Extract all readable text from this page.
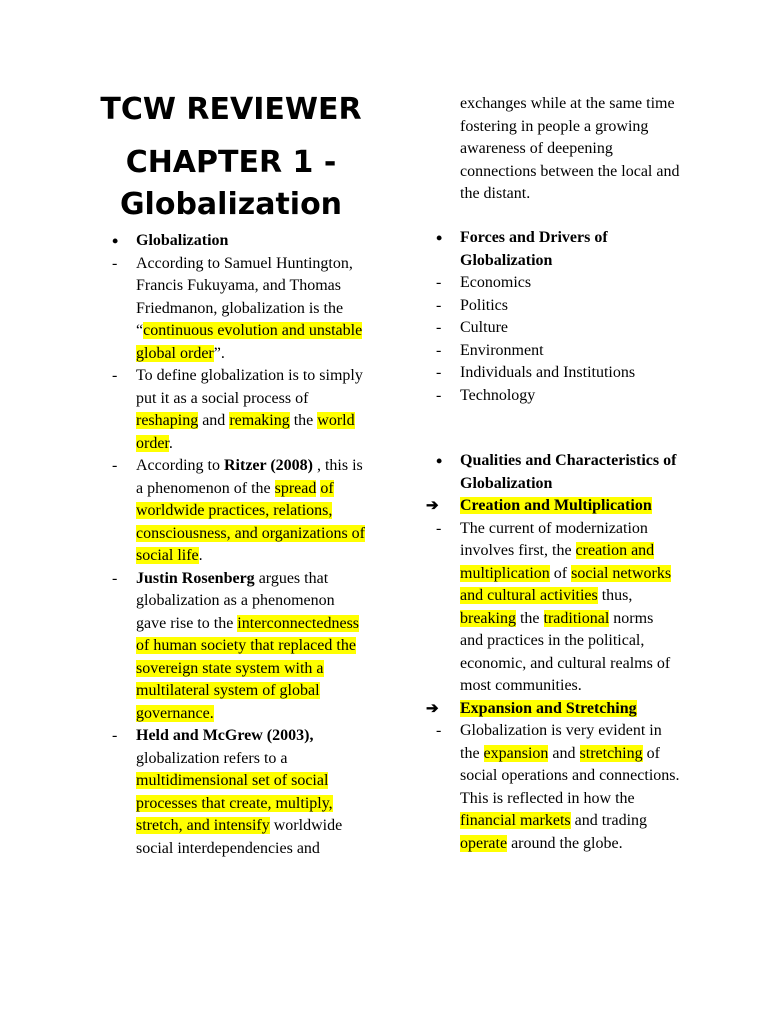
TCW REVIEWER
CHAPTER 1 -
Globalization
•	Globalization
-	According to Samuel Huntington, Francis Fukuyama, and Thomas Friedmanon, globalization is the “continuous evolution and unstable global order”.
-	To define globalization is to simply put it as a social process of reshaping and remaking the world order.
-	According to Ritzer (2008) , this is a phenomenon of the spread of worldwide practices, relations, consciousness, and organizations of social life.
-	Justin Rosenberg argues that globalization as a phenomenon gave rise to the interconnectedness of human society that replaced the sovereign state system with a multilateral system of global governance.
-	Held and McGrew (2003), globalization refers to a multidimensional set of social processes that create, multiply, stretch, and intensify worldwide social interdependencies and
exchanges while at the same time fostering in people a growing awareness of deepening connections between the local and the distant.
•	Forces and Drivers of Globalization
-	Economics
-	Politics
-	Culture
-	Environment
-	Individuals and Institutions
-	Technology
•	Qualities and Characteristics of Globalization
➔	Creation and Multiplication
-	The current of modernization involves first, the creation and multiplication of social networks and cultural activities thus, breaking the traditional norms and practices in the political, economic, and cultural realms of most communities.
➔	Expansion and Stretching
-	Globalization is very evident in the expansion and stretching of social operations and connections. This is reflected in how the financial markets and trading operate around the globe.
